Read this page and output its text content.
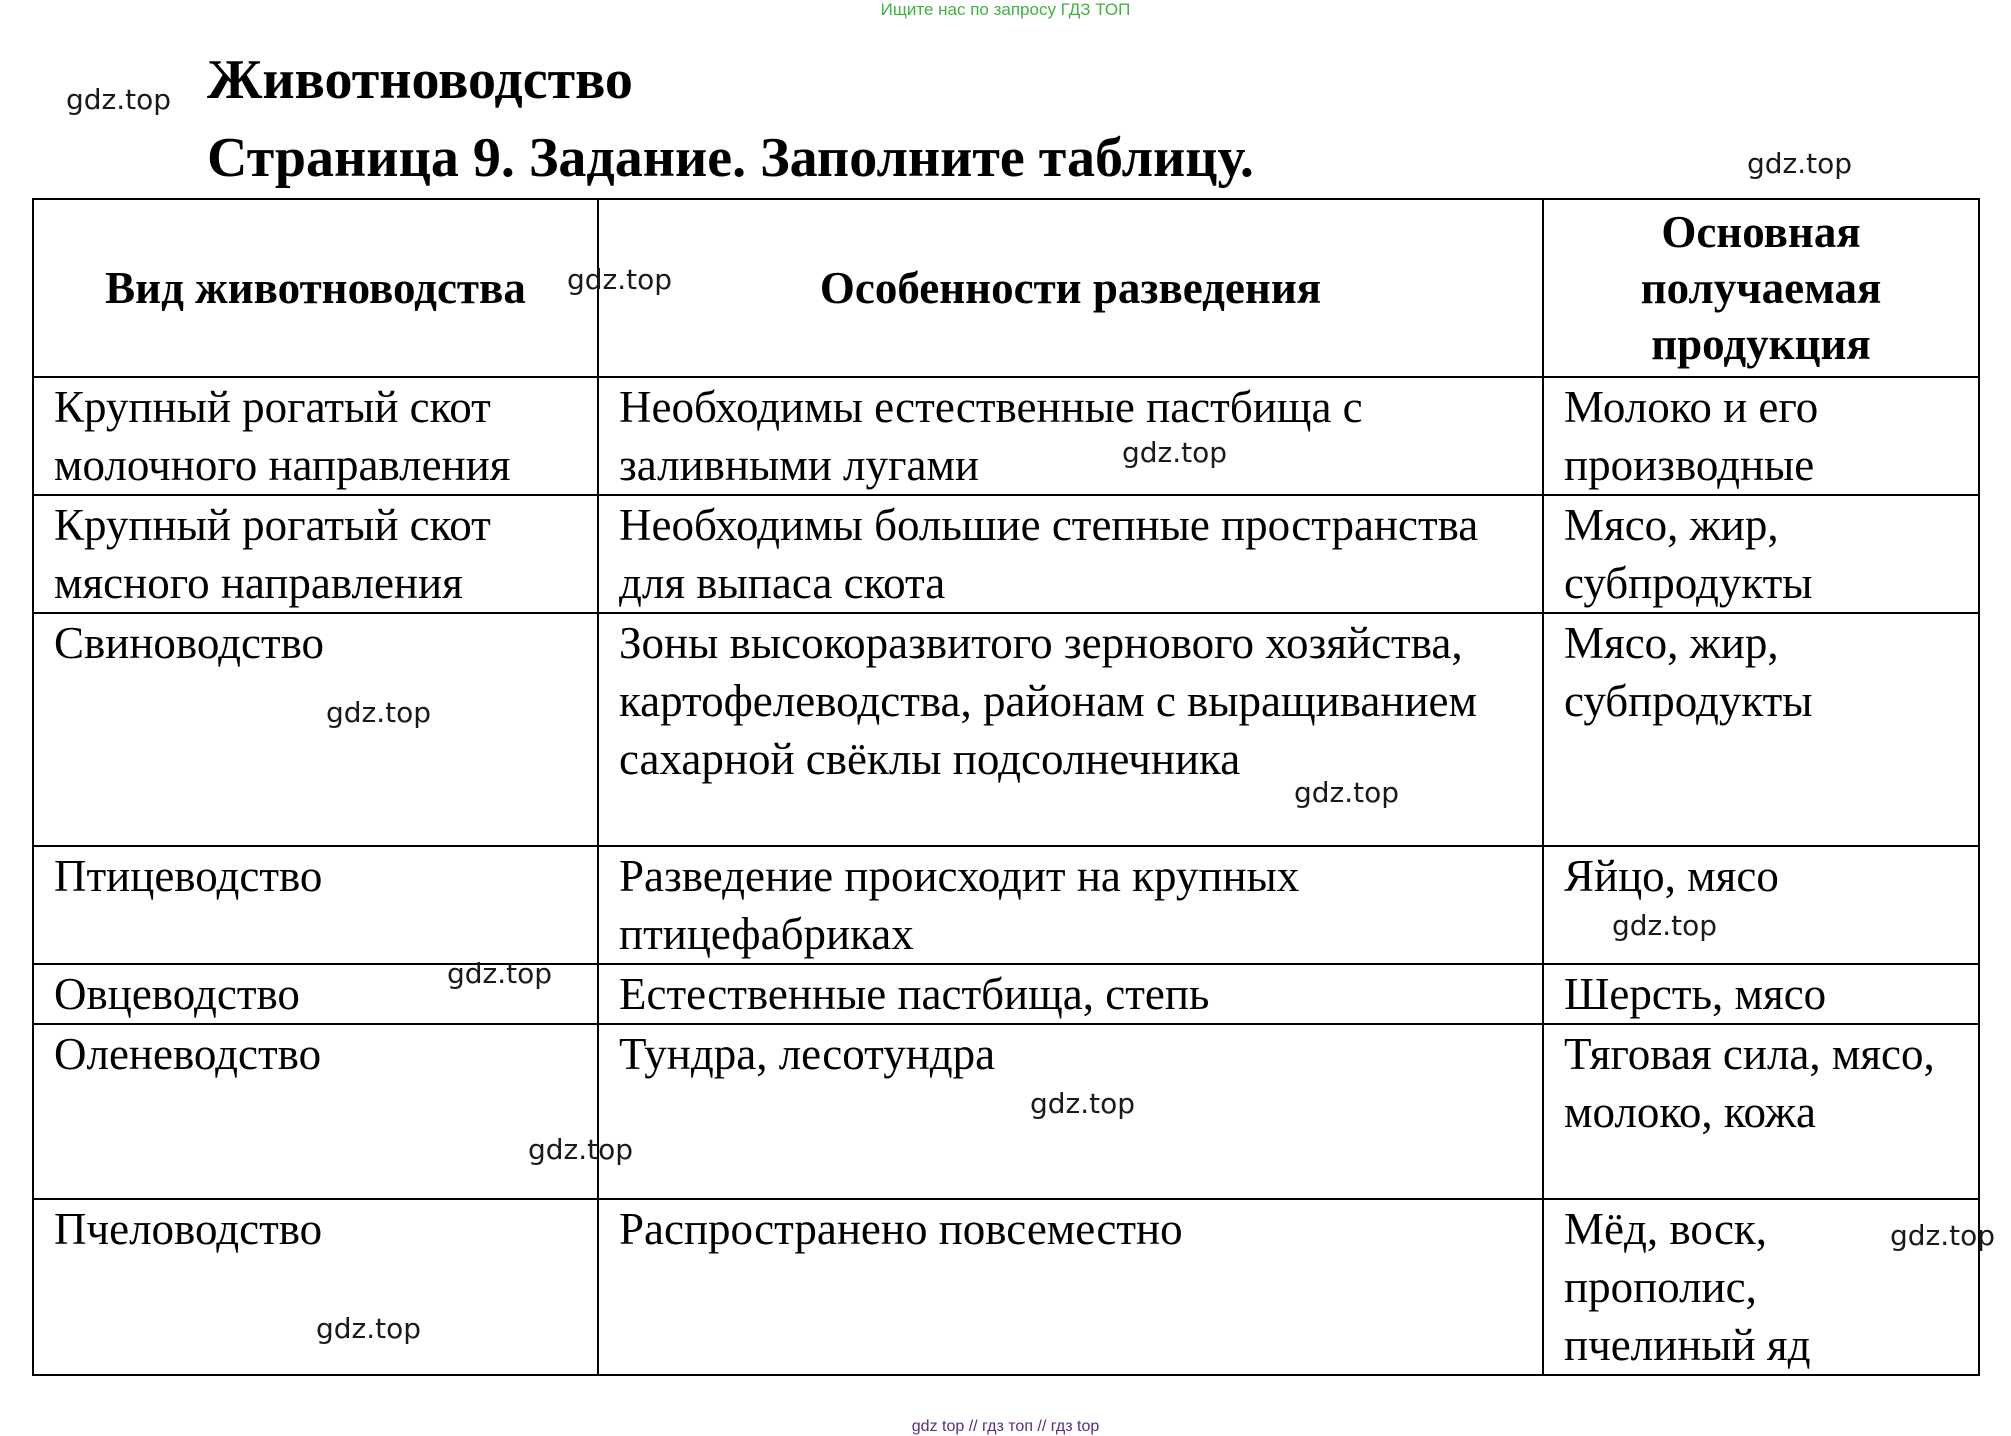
Ищите нас по запросу ГДЗ ТОП
Животноводство
Страница 9. Задание. Заполните таблицу.
Вид животноводства	Особенности разведения	Основная получаемая продукция
Крупный рогатый скот молочного направления	Необходимы естественные пастбища с заливными лугами	Молоко и его производные
Крупный рогатый скот мясного направления	Необходимы большие степные пространства для выпаса скота	Мясо, жир, субпродукты
Свиноводство	Зоны высокоразвитого зернового хозяйства, картофелеводства, районам с выращиванием сахарной свёклы подсолнечника	Мясо, жир, субпродукты
Птицеводство	Разведение происходит на крупных птицефабриках	Яйцо, мясо
Овцеводство	Естественные пастбища, степь	Шерсть, мясо
Оленеводство	Тундра, лесотундра	Тяговая сила, мясо, молоко, кожа
Пчеловодство	Распространено повсеместно	Мёд, воск, прополис, пчелиный яд
gdz.top
gdz.top
gdz.top
gdz.top
gdz.top
gdz.top
gdz.top
gdz.top
gdz.top
gdz.top
gdz.top
gdz.top
gdz top // гдз топ // гдз top
